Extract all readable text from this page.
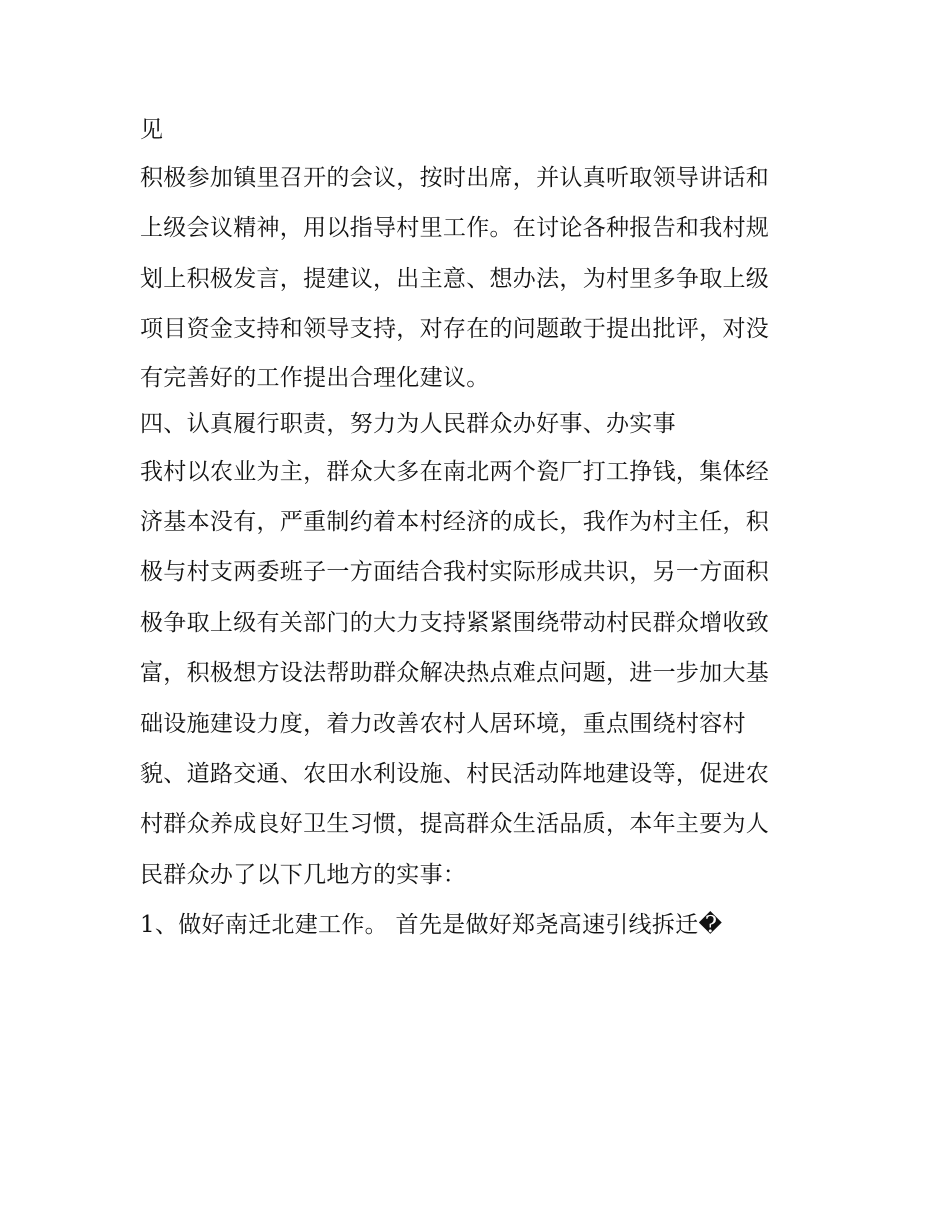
见
积极参加镇里召开的会议，按时出席，并认真听取领导讲话和
上级会议精神，用以指导村里工作。在讨论各种报告和我村规
划上积极发言，提建议，出主意、想办法，为村里多争取上级
项目资金支持和领导支持，对存在的问题敢于提出批评，对没
有完善好的工作提出合理化建议。
四、认真履行职责，努力为人民群众办好事、办实事
我村以农业为主，群众大多在南北两个瓷厂打工挣钱，集体经
济基本没有，严重制约着本村经济的成长，我作为村主任，积
极与村支两委班子一方面结合我村实际形成共识，另一方面积
极争取上级有关部门的大力支持紧紧围绕带动村民群众增收致
富，积极想方设法帮助群众解决热点难点问题，进一步加大基
础设施建设力度，着力改善农村人居环境，重点围绕村容村
貌、道路交通、农田水利设施、村民活动阵地建设等，促进农
村群众养成良好卫生习惯，提高群众生活品质，本年主要为人
民群众办了以下几地方的实事：
1、做好南迁北建工作。 首先是做好郑尧高速引线拆迁�
